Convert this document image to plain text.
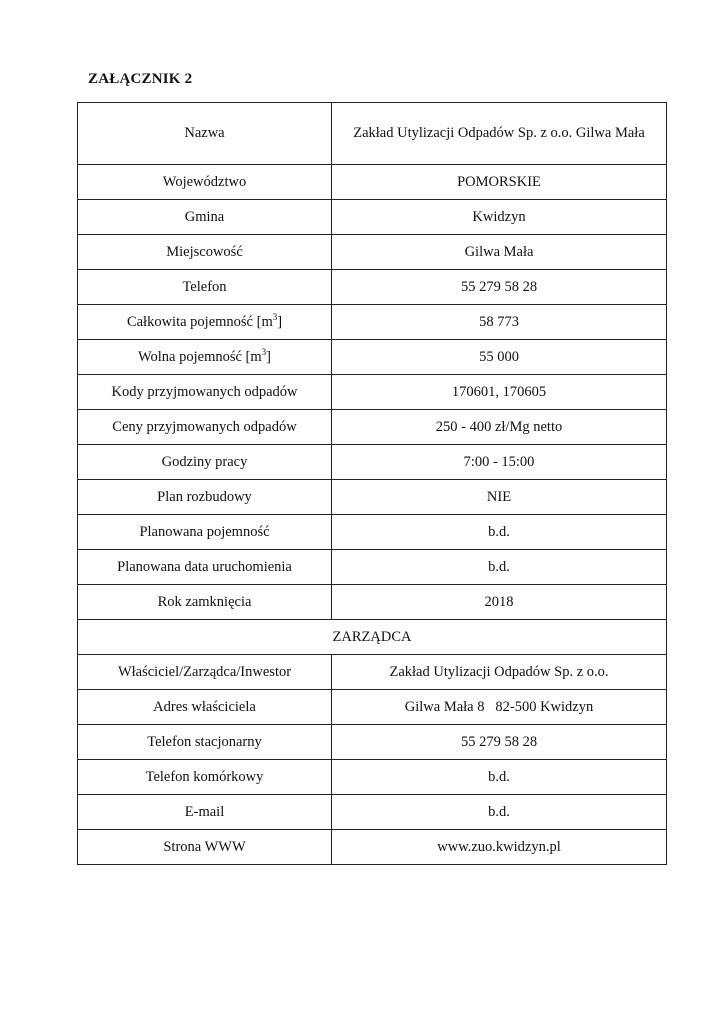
ZAŁĄCZNIK 2
Nazwa	Zakład Utylizacji Odpadów Sp. z o.o. Gilwa Mała
Województwo	POMORSKIE
Gmina	Kwidzyn
Miejscowość	Gilwa Mała
Telefon	55 279 58 28
Całkowita pojemność $[m^3]$	58 773
Wolna pojemność $[m^3]$	55 000
Kody przyjmowanych odpadów	170601, 170605
Ceny przyjmowanych odpadów	250 - 400 zł/Mg netto
Godziny pracy	7:00 - 15:00
Plan rozbudowy	NIE
Planowana pojemność	b.d.
Planowana data uruchomienia	b.d.
Rok zamknięcia	2018
ZARZĄDCA	
Właściciel/Zarządca/Inwestor	Zakład Utylizacji Odpadów Sp. z o.o.
Adres właściciela	Gilwa Mała 8   82-500 Kwidzyn
Telefon stacjonarny	55 279 58 28
Telefon komórkowy	b.d.
E-mail	b.d.
Strona WWW	www.zuo.kwidzyn.pl
